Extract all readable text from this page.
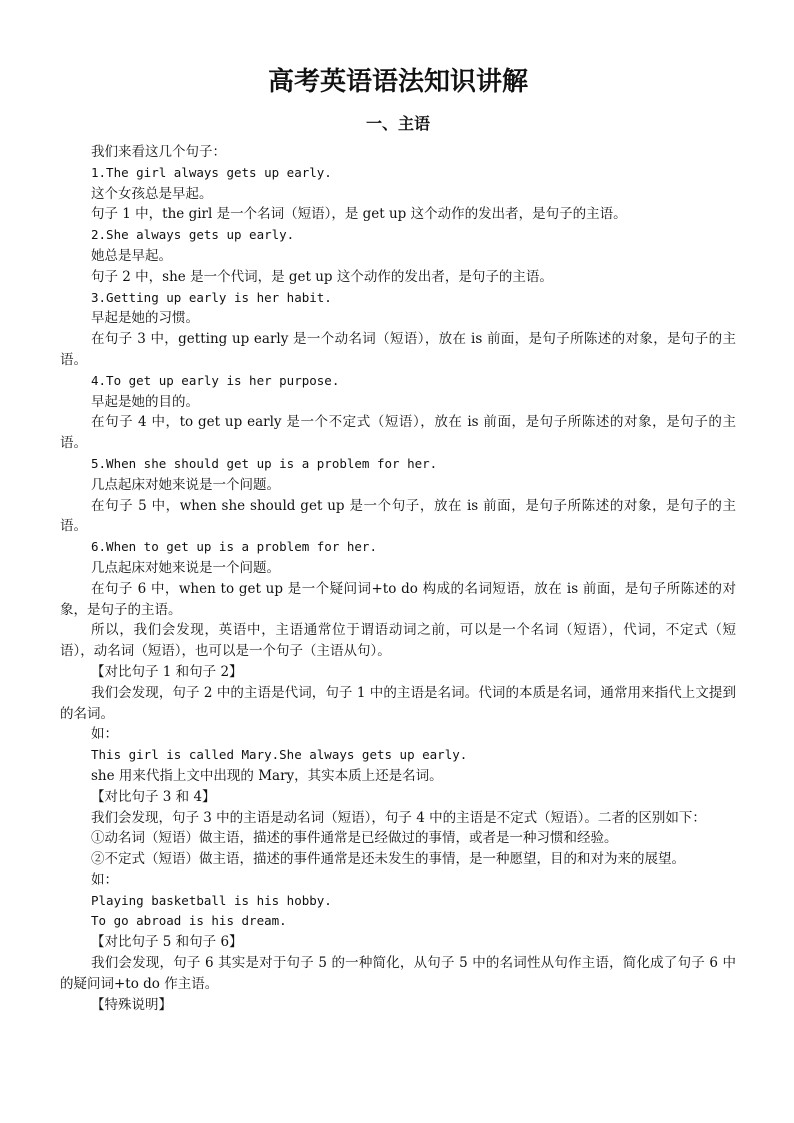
高考英语语法知识讲解
一、主语

我们来看这几个句子：

1.The girl always gets up early.

这个女孩总是早起。

句子 1 中，the girl 是一个名词（短语），是 get up 这个动作的发出者，是句子的主语。

2.She always gets up early.

她总是早起。

句子 2 中，she 是一个代词，是 get up 这个动作的发出者，是句子的主语。

3.Getting up early is her habit.

早起是她的习惯。

在句子 3 中，getting up early 是一个动名词（短语），放在 is 前面，是句子所陈述的对象，是句子的主语。

4.To get up early is her purpose.

早起是她的目的。

在句子 4 中，to get up early 是一个不定式（短语），放在 is 前面，是句子所陈述的对象，是句子的主语。

5.When she should get up is a problem for her.

几点起床对她来说是一个问题。

在句子 5 中，when she should get up 是一个句子，放在 is 前面，是句子所陈述的对象，是句子的主语。

6.When to get up is a problem for her.

几点起床对她来说是一个问题。

在句子 6 中，when to get up 是一个疑问词+to do 构成的名词短语，放在 is 前面，是句子所陈述的对象，是句子的主语。

所以，我们会发现，英语中，主语通常位于谓语动词之前，可以是一个名词（短语），代词，不定式（短语），动名词（短语），也可以是一个句子（主语从句）。

【对比句子 1 和句子 2】

我们会发现，句子 2 中的主语是代词，句子 1 中的主语是名词。代词的本质是名词，通常用来指代上文提到的名词。

如：

This girl is called Mary.She always gets up early.

she 用来代指上文中出现的 Mary，其实本质上还是名词。

【对比句子 3 和 4】

我们会发现，句子 3 中的主语是动名词（短语），句子 4 中的主语是不定式（短语）。二者的区别如下：

①动名词（短语）做主语，描述的事件通常是已经做过的事情，或者是一种习惯和经验。

②不定式（短语）做主语，描述的事件通常是还未发生的事情，是一种愿望，目的和对为来的展望。

如：

Playing basketball is his hobby.

To go abroad is his dream.

【对比句子 5 和句子 6】

我们会发现，句子 6 其实是对于句子 5 的一种简化，从句子 5 中的名词性从句作主语，简化成了句子 6 中的疑问词+to do 作主语。

【特殊说明】
